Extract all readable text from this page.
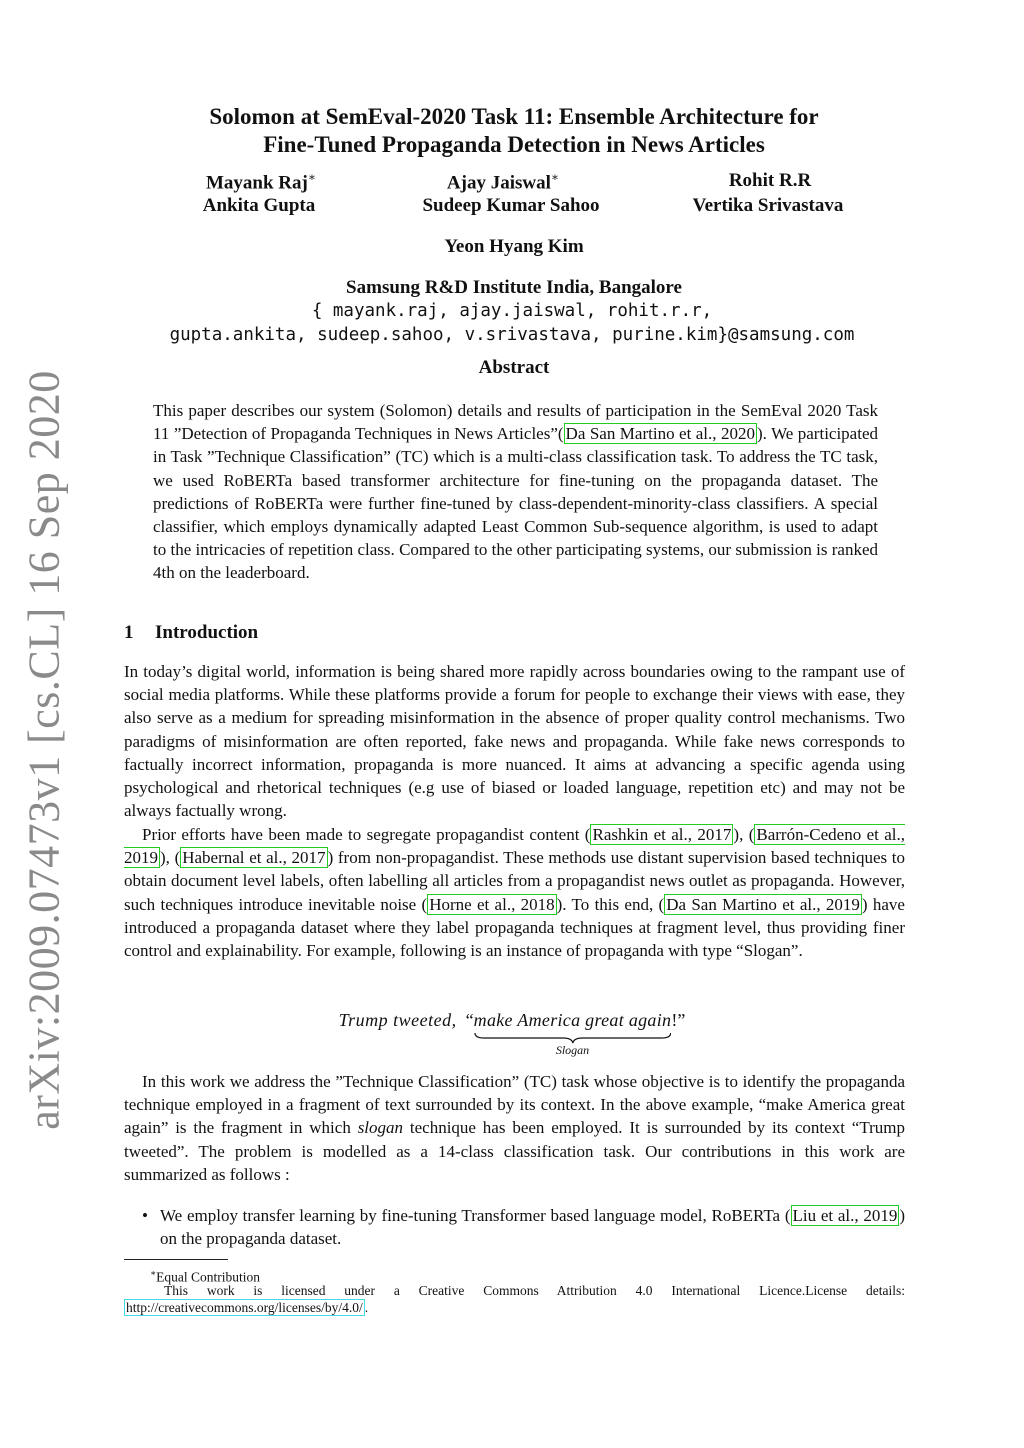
arXiv:2009.07473v1 [cs.CL] 16 Sep 2020
Solomon at SemEval-2020 Task 11: Ensemble Architecture for
Fine-Tuned Propaganda Detection in News Articles
Mayank Raj∗	Ajay Jaiswal∗	Rohit R.R
Ankita Gupta	Sudeep Kumar Sahoo	Vertika Srivastava
Yeon Hyang Kim
Samsung R&D Institute India, Bangalore
{ mayank.raj, ajay.jaiswal, rohit.r.r,
gupta.ankita, sudeep.sahoo, v.srivastava, purine.kim}@samsung.com
Abstract
This paper describes our system (Solomon) details and results of participation in the SemEval 2020 Task 11 ”Detection of Propaganda Techniques in News Articles”( Da San Martino et al., 2020 ). We participated in Task ”Technique Classification” (TC) which is a multi-class classification task. To address the TC task, we used RoBERTa based transformer architecture for fine-tuning on the propaganda dataset. The predictions of RoBERTa were further fine-tuned by class-dependent-minority-class classifiers. A special classifier, which employs dynamically adapted Least Common Sub-sequence algorithm, is used to adapt to the intricacies of repetition class. Compared to the other participating systems, our submission is ranked 4th on the leaderboard.
1 Introduction

In today’s digital world, information is being shared more rapidly across boundaries owing to the rampant use of social media platforms. While these platforms provide a forum for people to exchange their views with ease, they also serve as a medium for spreading misinformation in the absence of proper quality control mechanisms. Two paradigms of misinformation are often reported, fake news and propaganda. While fake news corresponds to factually incorrect information, propaganda is more nuanced. It aims at advancing a specific agenda using psychological and rhetorical techniques (e.g use of biased or loaded language, repetition etc) and may not be always factually wrong.

Prior efforts have been made to segregate propagandist content ( Rashkin et al., 2017 ), ( Barrón-Cedeno et al., 2019 ), ( Habernal et al., 2017 ) from non-propagandist. These methods use distant supervision based techniques to obtain document level labels, often labelling all articles from a propagandist news outlet as propaganda. However, such techniques introduce inevitable noise ( Horne et al., 2018 ). To this end, ( Da San Martino et al., 2019 ) have introduced a propaganda dataset where they label propaganda techniques at fragment level, thus providing finer control and explainability. For example, following is an instance of propaganda with type “Slogan”.

Trump tweeted, “make America great again
Slogan
!”

In this work we address the ”Technique Classification” (TC) task whose objective is to identify the propaganda technique employed in a fragment of text surrounded by its context. In the above example, “make America great again” is the fragment in which slogan technique has been employed. It is surrounded by its context “Trump tweeted”. The problem is modelled as a 14-class classification task. Our contributions in this work are summarized as follows :

• We employ transfer learning by fine-tuning Transformer based language model, RoBERTa ( Liu et al., 2019 ) on the propaganda dataset.
∗Equal Contribution
This work is licensed under a Creative Commons Attribution 4.0 International Licence.License details: http://creativecommons.org/licenses/by/4.0/ .
